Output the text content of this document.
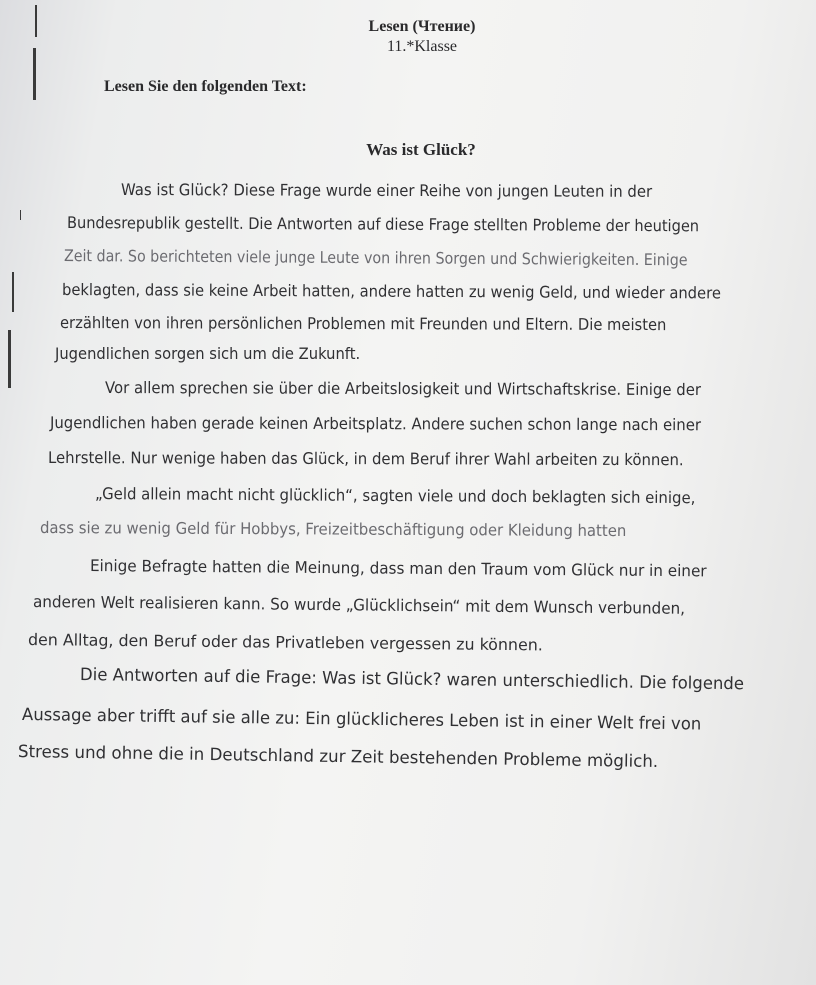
Lesen (Чтение)
11.*Klasse
Lesen Sie den folgenden Text:
Was ist Glück?
Was ist Glück? Diese Frage wurde einer Reihe von jungen Leuten in der
Bundesrepublik gestellt. Die Antworten auf diese Frage stellten Probleme der heutigen
Zeit dar. So berichteten viele junge Leute von ihren Sorgen und Schwierigkeiten. Einige
beklagten, dass sie keine Arbeit hatten, andere hatten zu wenig Geld, und wieder andere
erzählten von ihren persönlichen Problemen mit Freunden und Eltern. Die meisten
Jugendlichen sorgen sich um die Zukunft.
Vor allem sprechen sie über die Arbeitslosigkeit und Wirtschaftskrise. Einige der
Jugendlichen haben gerade keinen Arbeitsplatz. Andere suchen schon lange nach einer
Lehrstelle. Nur wenige haben das Glück, in dem Beruf ihrer Wahl arbeiten zu können.
„Geld allein macht nicht glücklich“, sagten viele und doch beklagten sich einige,
dass sie zu wenig Geld für Hobbys, Freizeitbeschäftigung oder Kleidung hatten
Einige Befragte hatten die Meinung, dass man den Traum vom Glück nur in einer
anderen Welt realisieren kann. So wurde „Glücklichsein“ mit dem Wunsch verbunden,
den Alltag, den Beruf oder das Privatleben vergessen zu können.
Die Antworten auf die Frage: Was ist Glück? waren unterschiedlich. Die folgende
Aussage aber trifft auf sie alle zu: Ein glücklicheres Leben ist in einer Welt frei von
Stress und ohne die in Deutschland zur Zeit bestehenden Probleme möglich.
